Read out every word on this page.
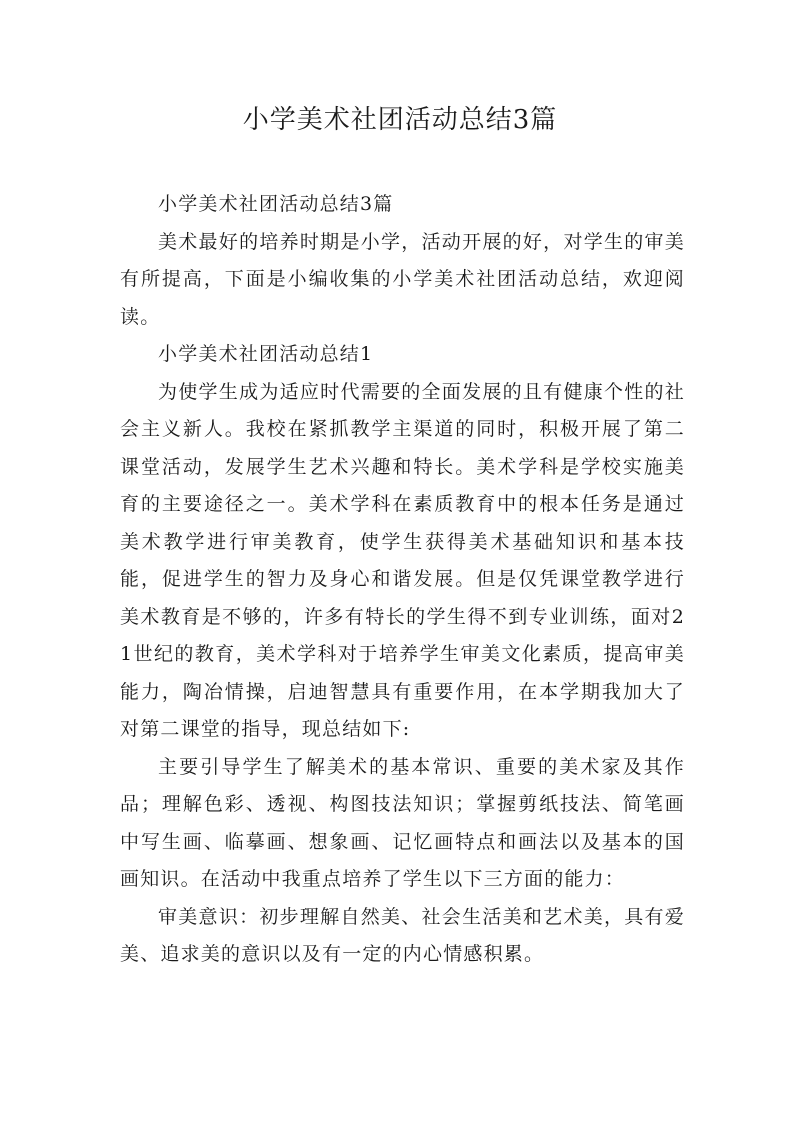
小学美术社团活动总结3篇

小学美术社团活动总结3篇

美术最好的培养时期是小学，活动开展的好，对学生的审美有所提高，下面是小编收集的小学美术社团活动总结，欢迎阅读。

小学美术社团活动总结1

为使学生成为适应时代需要的全面发展的且有健康个性的社会主义新人。我校在紧抓教学主渠道的同时，积极开展了第二课堂活动，发展学生艺术兴趣和特长。美术学科是学校实施美育的主要途径之一。美术学科在素质教育中的根本任务是通过美术教学进行审美教育，使学生获得美术基础知识和基本技能，促进学生的智力及身心和谐发展。但是仅凭课堂教学进行美术教育是不够的，许多有特长的学生得不到专业训练，面对21世纪的教育，美术学科对于培养学生审美文化素质，提高审美能力，陶冶情操，启迪智慧具有重要作用，在本学期我加大了对第二课堂的指导，现总结如下:

主要引导学生了解美术的基本常识、重要的美术家及其作品；理解色彩、透视、构图技法知识；掌握剪纸技法、简笔画中写生画、临摹画、想象画、记忆画特点和画法以及基本的国画知识。在活动中我重点培养了学生以下三方面的能力：

审美意识：初步理解自然美、社会生活美和艺术美，具有爱美、追求美的意识以及有一定的内心情感积累。
